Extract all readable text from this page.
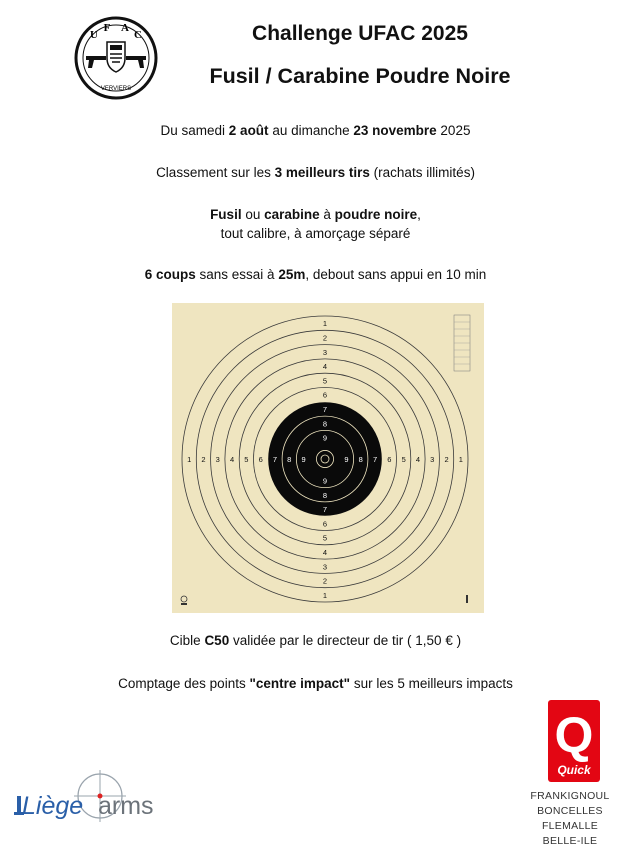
U
F A
C
VERVIERS
Challenge UFAC 2025
Fusil / Carabine Poudre Noire
Du samedi 2 août au dimanche 23 novembre 2025
Classement sur les 3 meilleurs tirs (rachats illimités)
Fusil ou carabine à poudre noire,
tout calibre, à amorçage séparé
6 coups sans essai à 25m, debout sans appui en 10 min
1
1
1	1
2
2
2	2
3
3
3	3
4
4
4	4
5
5
5	5
6
6
6	6
7
7
7	7
8
8
8	8
9
9
9	9
Cible C50 validée par le directeur de tir ( 1,50 € )
Comptage des points "centre impact" sur les 5 meilleurs impacts
Liège arms
Q
Quick
FRANKIGNOUL
BONCELLES
FLEMALLE
BELLE-ILE
